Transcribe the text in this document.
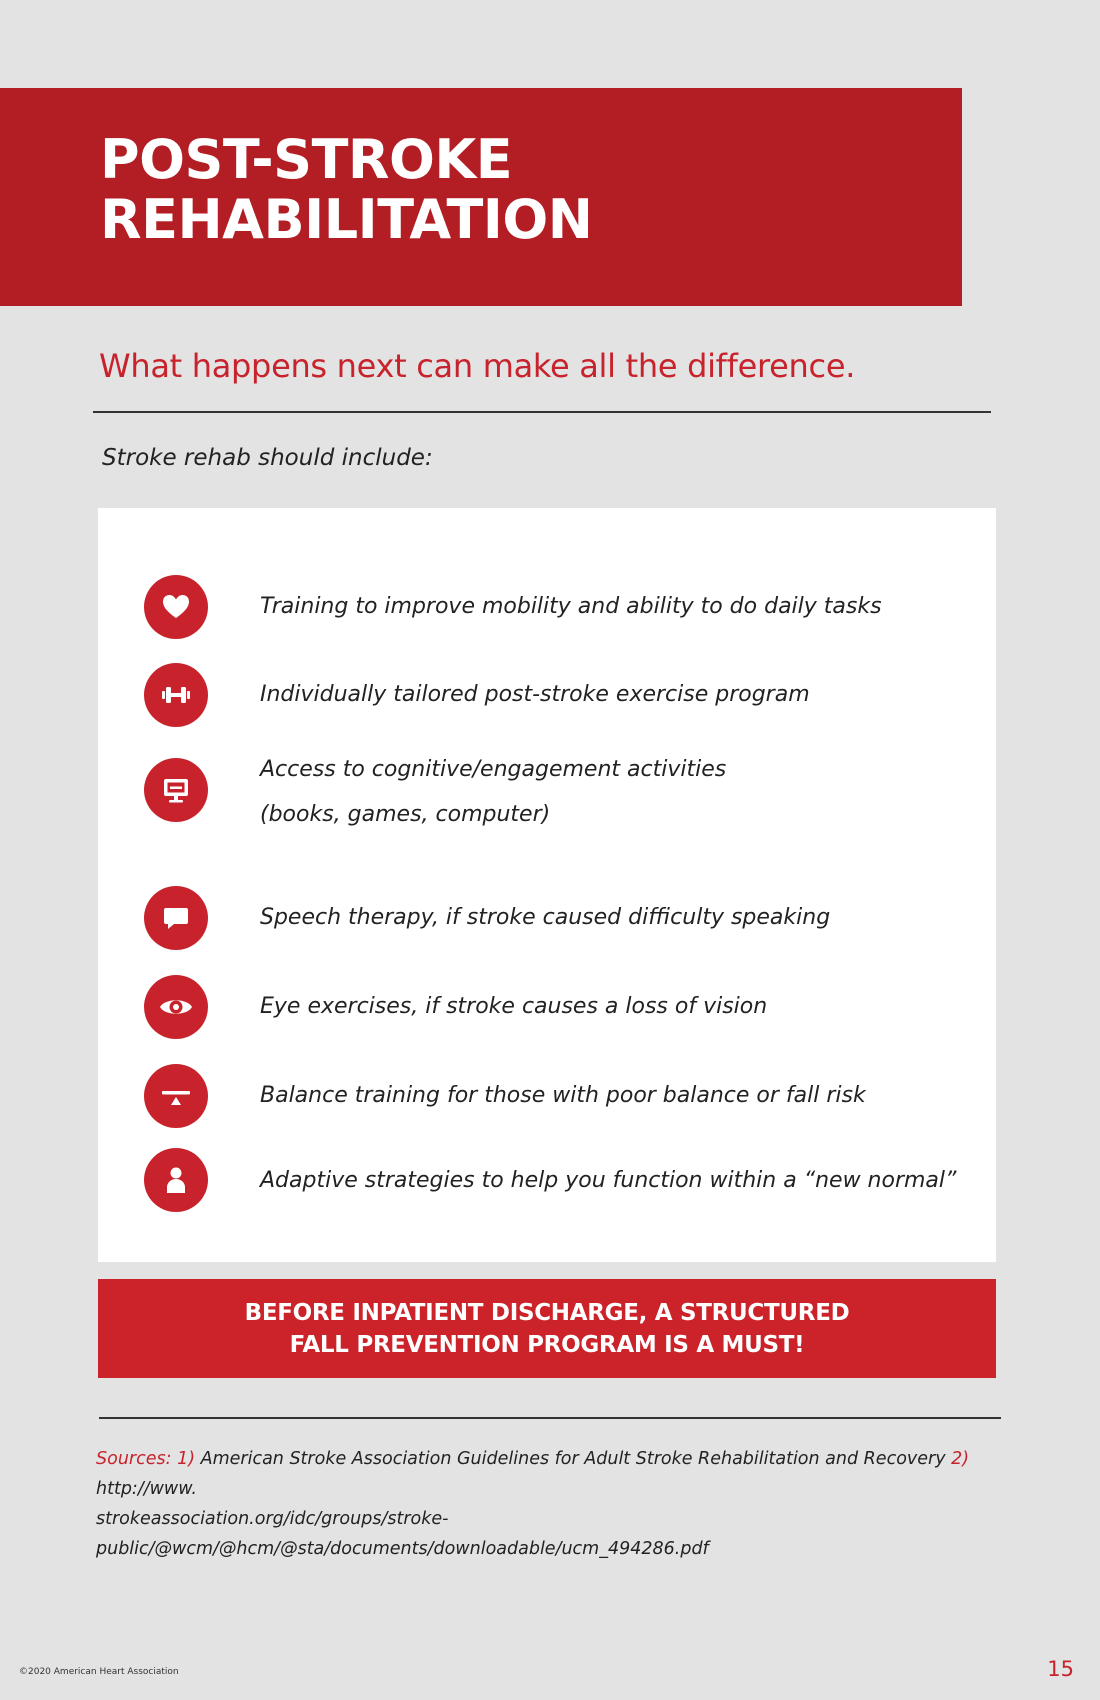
POST-STROKE
REHABILITATION

What happens next can make all the difference.

Stroke rehab should include:

Training to improve mobility and ability to do daily tasks

Individually tailored post-stroke exercise program

Access to cognitive/engagement activities
(books, games, computer)

Speech therapy, if stroke caused difficulty speaking

Eye exercises, if stroke causes a loss of vision

Balance training for those with poor balance or fall risk

Adaptive strategies to help you function within a “new normal”

BEFORE INPATIENT DISCHARGE, A STRUCTURED
FALL PREVENTION PROGRAM IS A MUST!

Sources: 1) American Stroke Association Guidelines for Adult Stroke Rehabilitation and Recovery 2) http://www.
strokeassociation.org/idc/groups/stroke-public/@wcm/@hcm/@sta/documents/downloadable/ucm_494286.pdf

©2020 American Heart Association	15
